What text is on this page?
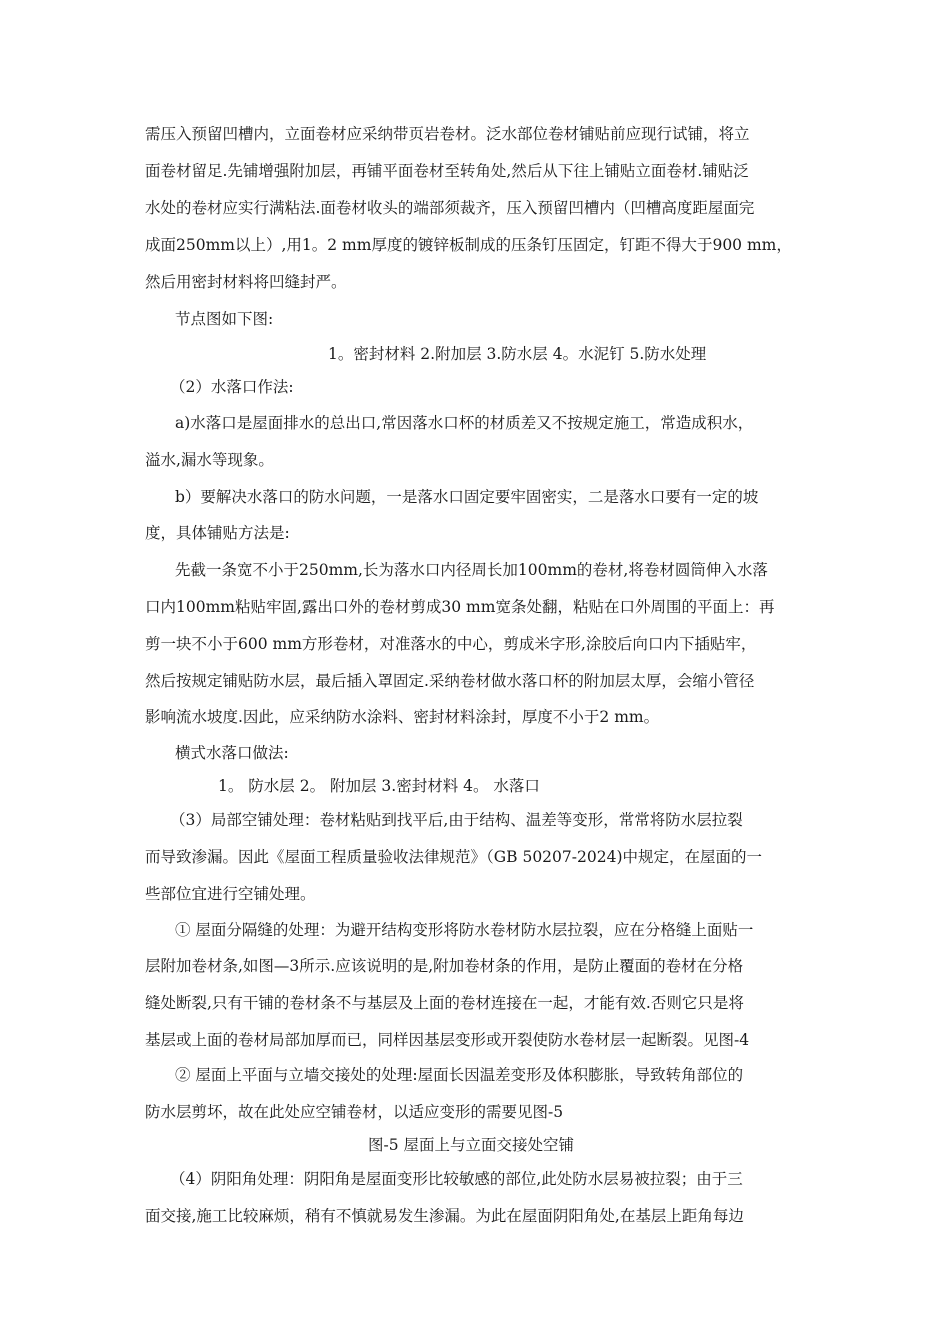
需压入预留凹槽内，立面卷材应采纳带页岩卷材。泛水部位卷材铺贴前应现行试铺，将立
面卷材留足.先铺增强附加层，再铺平面卷材至转角处,然后从下往上铺贴立面卷材.铺贴泛
水处的卷材应实行满粘法.面卷材收头的端部须裁齐，压入预留凹槽内（凹槽高度距屋面完
成面250mm以上）,用1。2 mm厚度的镀锌板制成的压条钉压固定，钉距不得大于900 mm，
然后用密封材料将凹缝封严。
节点图如下图:
1。密封材料 2.附加层 3.防水层 4。水泥钉 5.防水处理
（2）水落口作法:
a)水落口是屋面排水的总出口,常因落水口杯的材质差又不按规定施工，常造成积水，
溢水,漏水等现象。
b）要解决水落口的防水问题，一是落水口固定要牢固密实，二是落水口要有一定的坡
度，具体铺贴方法是:
先截一条宽不小于250mm,长为落水口内径周长加100mm的卷材,将卷材圆筒伸入水落
口内100mm粘贴牢固,露出口外的卷材剪成30 mm宽条处翻，粘贴在口外周围的平面上：再
剪一块不小于600 mm方形卷材，对准落水的中心，剪成米字形,涂胶后向口内下插贴牢，
然后按规定铺贴防水层，最后插入罩固定.采纳卷材做水落口杯的附加层太厚，会缩小管径
影响流水坡度.因此，应采纳防水涂料、密封材料涂封，厚度不小于2 mm。
横式水落口做法:
1。 防水层 2。 附加层 3.密封材料 4。 水落口
（3）局部空铺处理：卷材粘贴到找平后,由于结构、温差等变形，常常将防水层拉裂
而导致渗漏。因此《屋面工程质量验收法律规范》（GB 50207-2024)中规定，在屋面的一
些部位宜进行空铺处理。
① 屋面分隔缝的处理：为避开结构变形将防水卷材防水层拉裂，应在分格缝上面贴一
层附加卷材条,如图—3所示.应该说明的是,附加卷材条的作用，是防止覆面的卷材在分格
缝处断裂,只有干铺的卷材条不与基层及上面的卷材连接在一起，才能有效.否则它只是将
基层或上面的卷材局部加厚而已，同样因基层变形或开裂使防水卷材层一起断裂。见图-4
② 屋面上平面与立墙交接处的处理:屋面长因温差变形及体积膨胀，导致转角部位的
防水层剪坏，故在此处应空铺卷材，以适应变形的需要见图-5
图-5 屋面上与立面交接处空铺
（4）阴阳角处理：阴阳角是屋面变形比较敏感的部位,此处防水层易被拉裂；由于三
面交接,施工比较麻烦，稍有不慎就易发生渗漏。为此在屋面阴阳角处,在基层上距角每边
